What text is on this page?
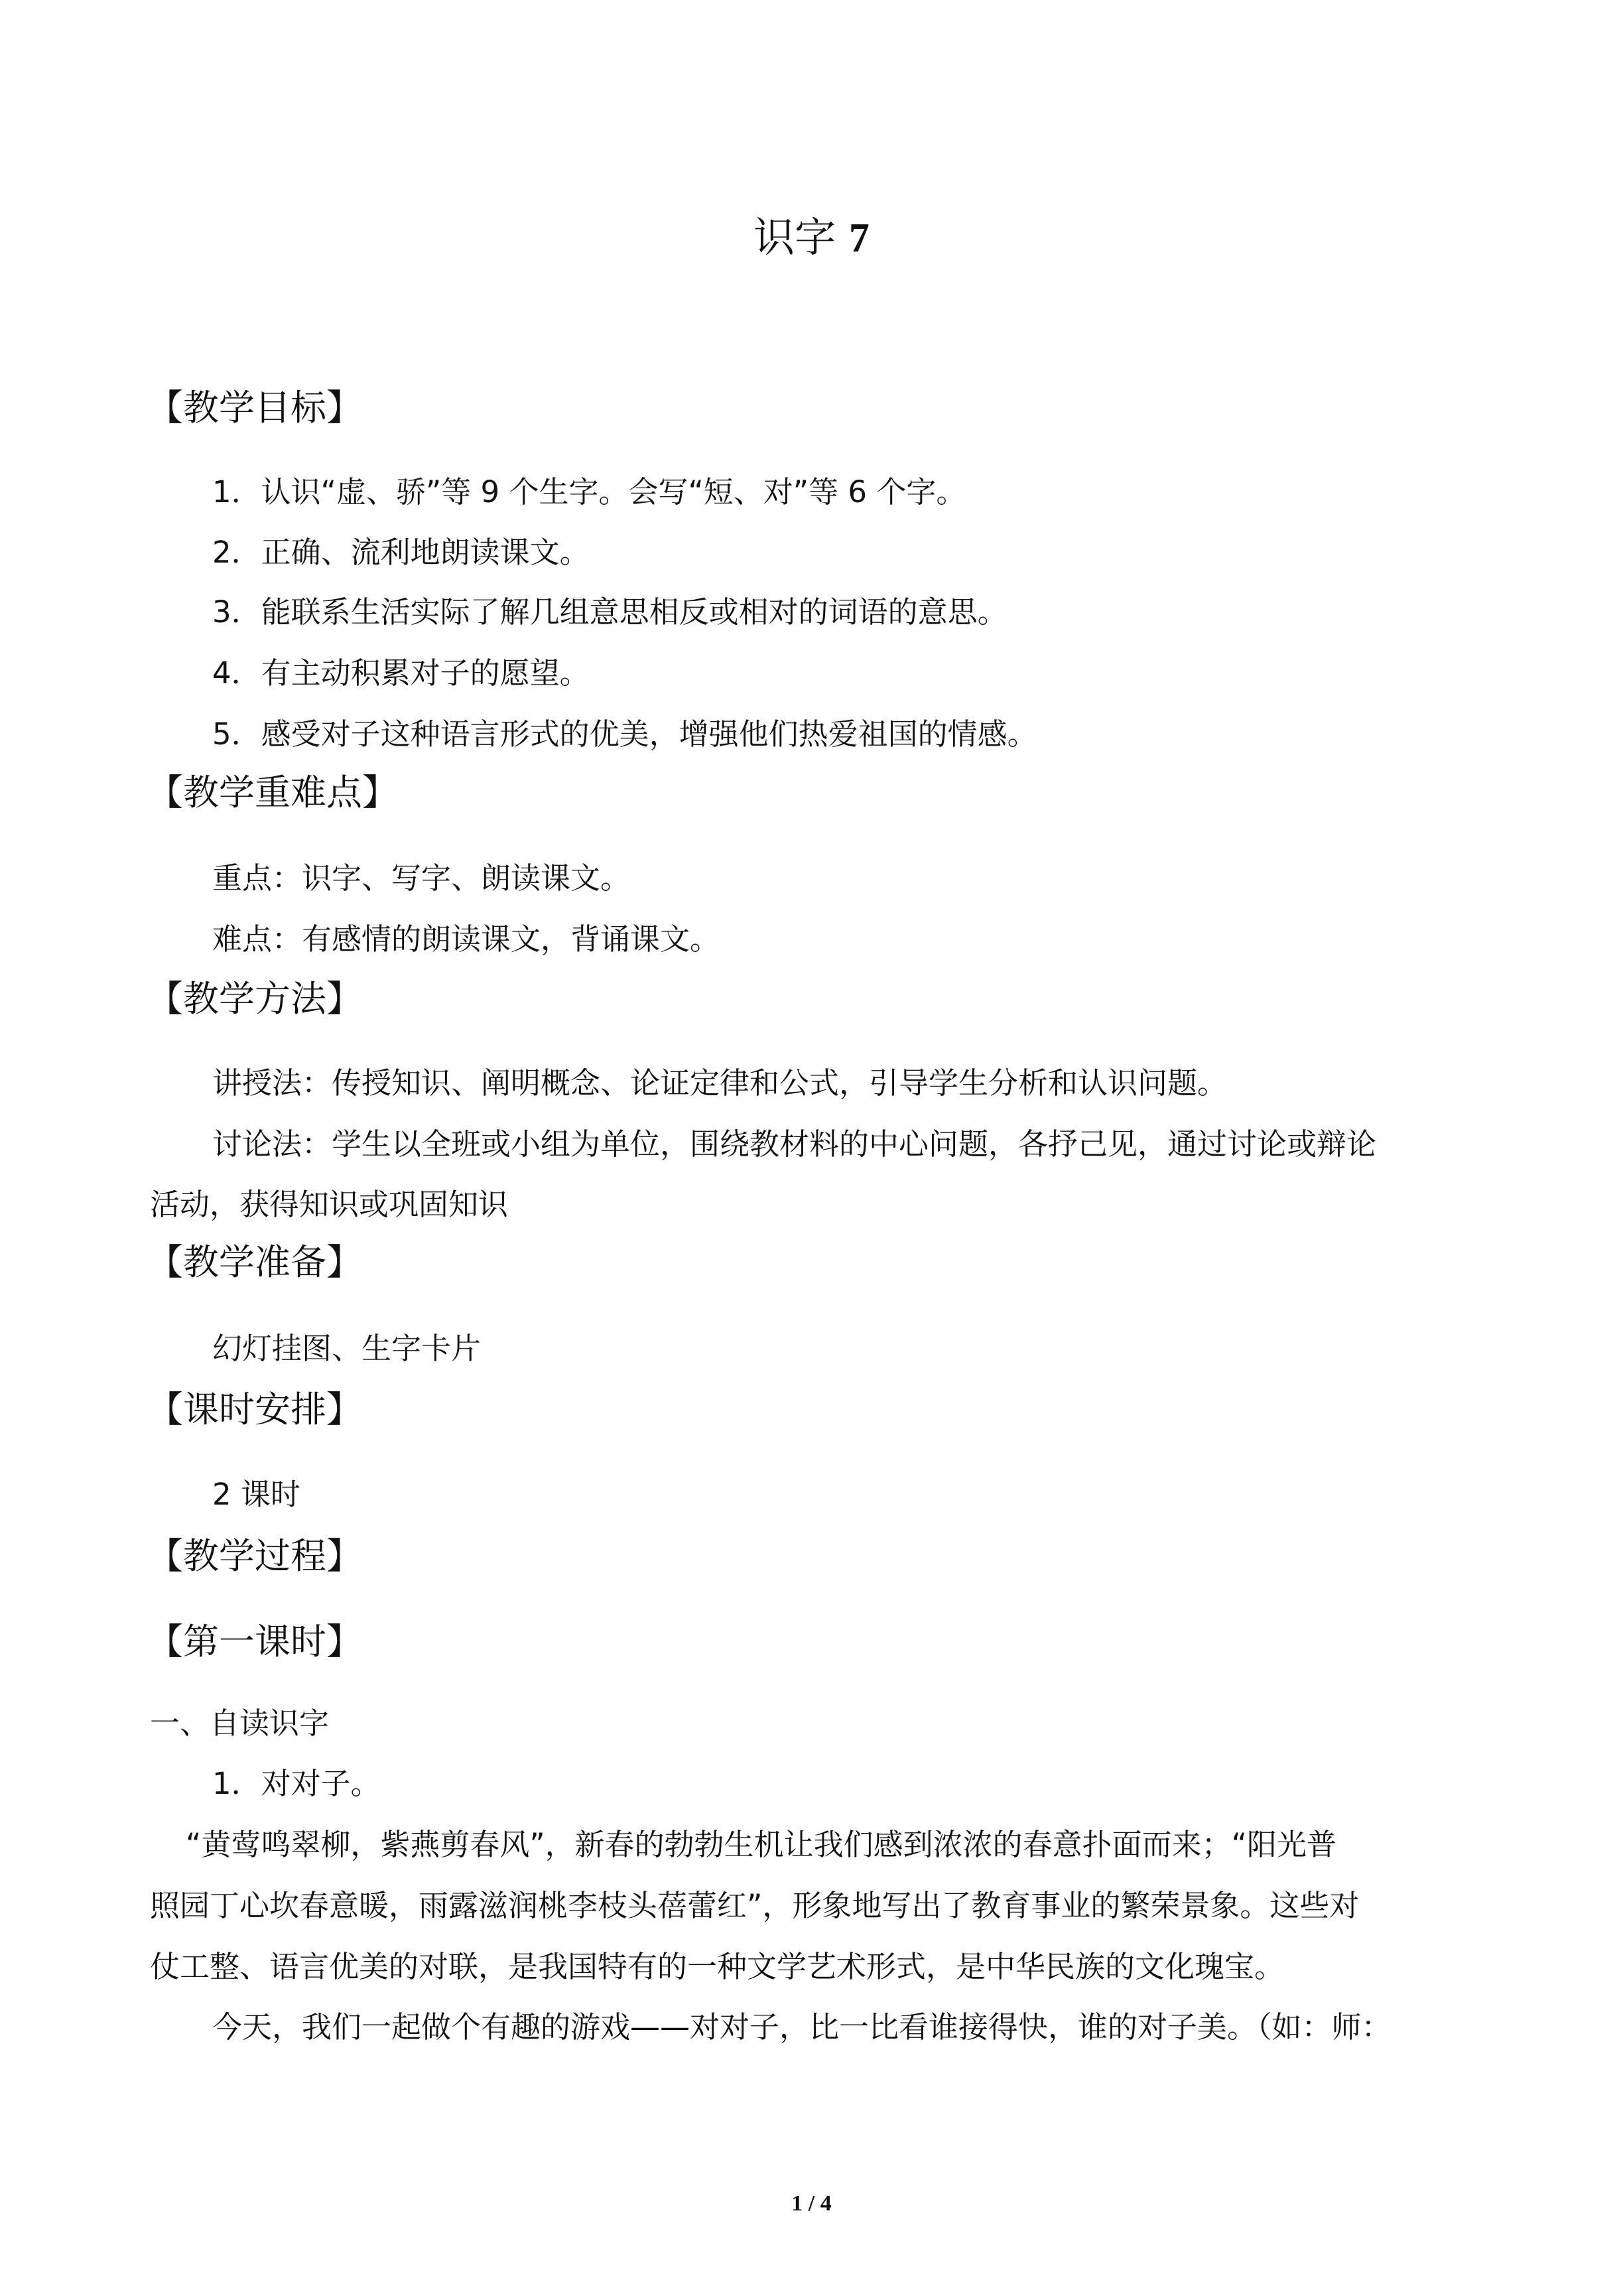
识字 7
【教学目标】
1．认识“虚、骄”等 9 个生字。会写“短、对”等 6 个字。
2．正确、流利地朗读课文。
3．能联系生活实际了解几组意思相反或相对的词语的意思。
4．有主动积累对子的愿望。
5．感受对子这种语言形式的优美，增强他们热爱祖国的情感。
【教学重难点】
重点：识字、写字、朗读课文。
难点：有感情的朗读课文，背诵课文。
【教学方法】
讲授法：传授知识、阐明概念、论证定律和公式，引导学生分析和认识问题。
讨论法：学生以全班或小组为单位，围绕教材料的中心问题，各抒己见，通过讨论或辩论
活动，获得知识或巩固知识
【教学准备】
幻灯挂图、生字卡片
【课时安排】
2 课时
【教学过程】
【第一课时】
一、自读识字
1．对对子。
“黄莺鸣翠柳，紫燕剪春风”，新春的勃勃生机让我们感到浓浓的春意扑面而来；“阳光普
照园丁心坎春意暖，雨露滋润桃李枝头蓓蕾红”，形象地写出了教育事业的繁荣景象。这些对
仗工整、语言优美的对联，是我国特有的一种文学艺术形式，是中华民族的文化瑰宝。
今天，我们一起做个有趣的游戏——对对子，比一比看谁接得快，谁的对子美。（如：师：
1 / 4
